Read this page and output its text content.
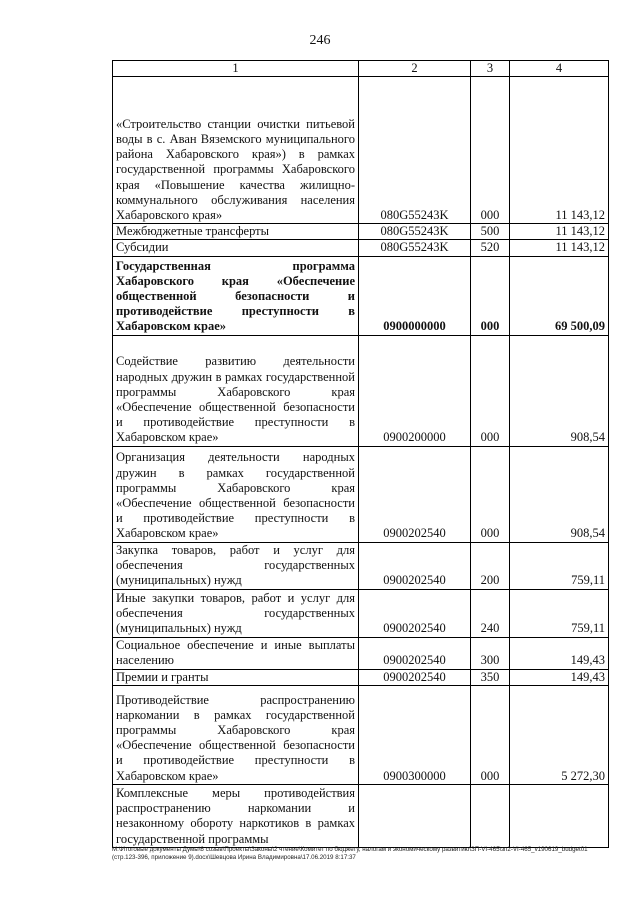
246
1	2	3	4
«Строительство станции очистки питьевой воды в с. Аван Вяземского муниципального района Хабаровского края») в рамках государственной программы Хабаровского края «Повышение качества жилищно-коммунального обслуживания населения Хабаровского края»	080G55243K	000	11 143,12
Межбюджетные трансферты	080G55243K	500	11 143,12
Субсидии	080G55243K	520	11 143,12
Государственная программа Хабаровского края «Обеспечение общественной безопасности и противодействие преступности в Хабаровском крае»	0900000000	000	69 500,09
Содействие развитию деятельности народных дружин в рамках государственной программы Хабаровского края «Обеспечение общественной безопасности и противодействие преступности в Хабаровском крае»	0900200000	000	908,54
Организация деятельности народных дружин в рамках государственной программы Хабаровского края «Обеспечение общественной безопасности и противодействие преступности в Хабаровском крае»	0900202540	000	908,54
Закупка товаров, работ и услуг для обеспечения государственных (муниципальных) нужд	0900202540	200	759,11
Иные закупки товаров, работ и услуг для обеспечения государственных (муниципальных) нужд	0900202540	240	759,11
Социальное обеспечение и иные выплаты населению	0900202540	300	149,43
Премии и гранты	0900202540	350	149,43
Противодействие распространению наркомании в рамках государственной программы Хабаровского края «Обеспечение общественной безопасности и противодействие преступности в Хабаровском крае»	0900300000	000	5 272,30
Комплексные меры противодействия распространению наркомании и незаконному обороту наркотиков в рамках государственной программы			
M:\Итоговые документы Думы\6 созыв\Проекты\Законы\2 чтение\Комитет по бюджету, налогам и экономическому развитию\ЗП-VI-465\зп2-VI-465_v190619_budget01 (стр.123-396, приложение 9).docx\Шевцова Ирина Владимировна\17.06.2019 8:17:37
